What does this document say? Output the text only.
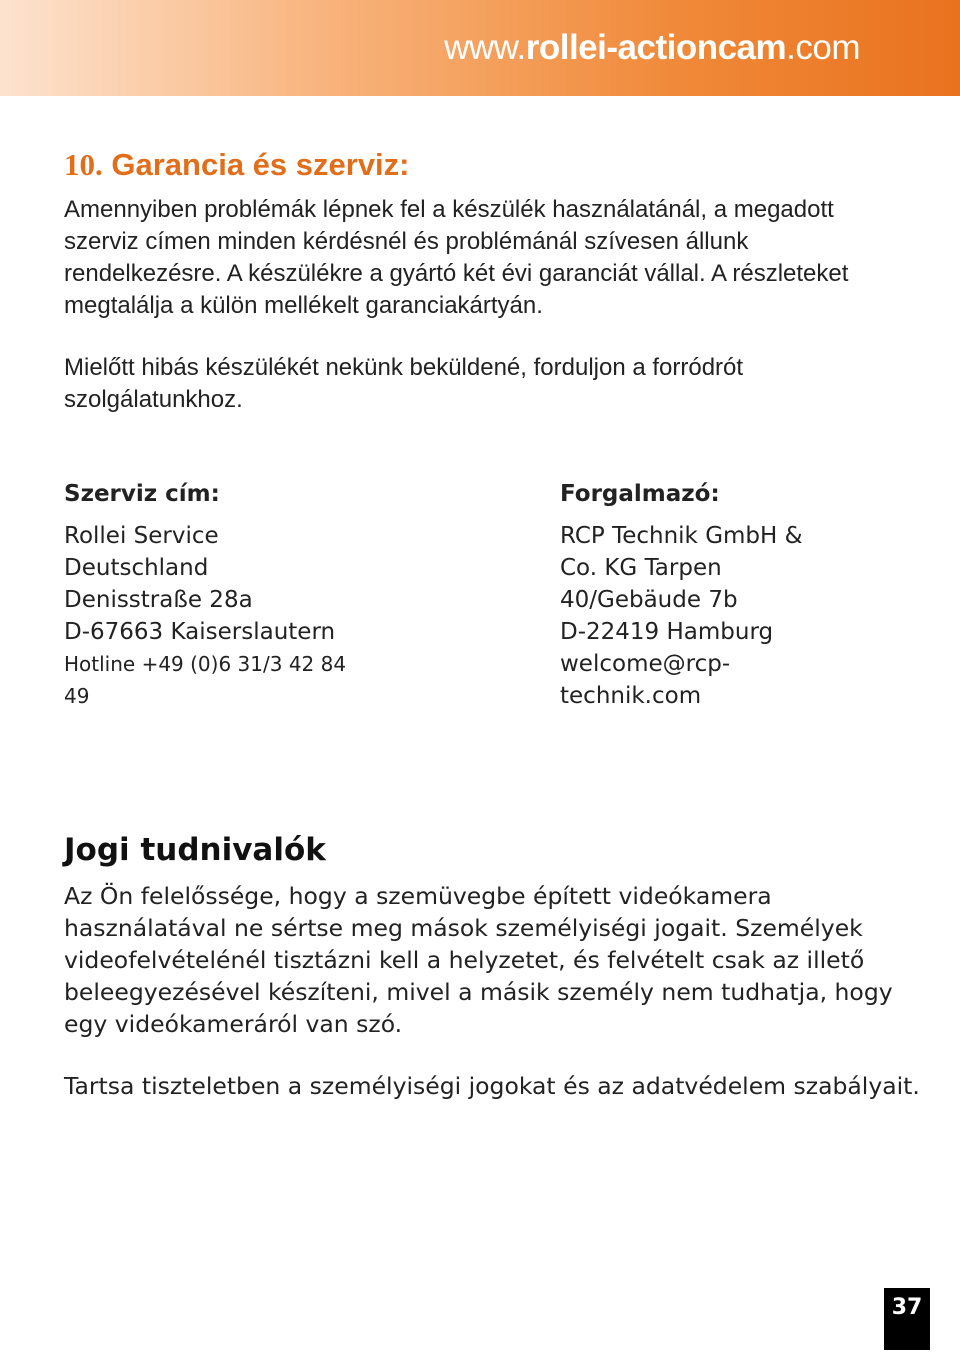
www.rollei-actioncam.com
10. Garancia és szerviz:

Amennyiben problémák lépnek fel a készülék használatánál, a megadott szerviz címen minden kérdésnél és problémánál szívesen állunk rendelkezésre. A készülékre a gyártó két évi garanciát vállal. A részleteket megtalálja a külön mellékelt garanciakártyán.

Mielőtt hibás készülékét nekünk beküldené, forduljon a forródrót szolgálatunkhoz.

Szerviz cím:
Rollei Service
Deutschland
Denisstraße 28a
D-67663 Kaiserslautern
Hotline +49 (0)6 31/3 42 84
49
Forgalmazó:
RCP Technik GmbH &
Co. KG Tarpen
40/Gebäude 7b
D-22419 Hamburg
welcome@rcp-
technik.com
Jogi tudnivalók

Az Ön felelőssége, hogy a szemüvegbe épített videókamera használatával ne sértse meg mások személyiségi jogait. Személyek videofelvételénél tisztázni kell a helyzetet, és felvételt csak az illető beleegyezésével készíteni, mivel a másik személy nem tudhatja, hogy egy videókameráról van szó.

Tartsa tiszteletben a személyiségi jogokat és az adatvédelem szabályait.

37
